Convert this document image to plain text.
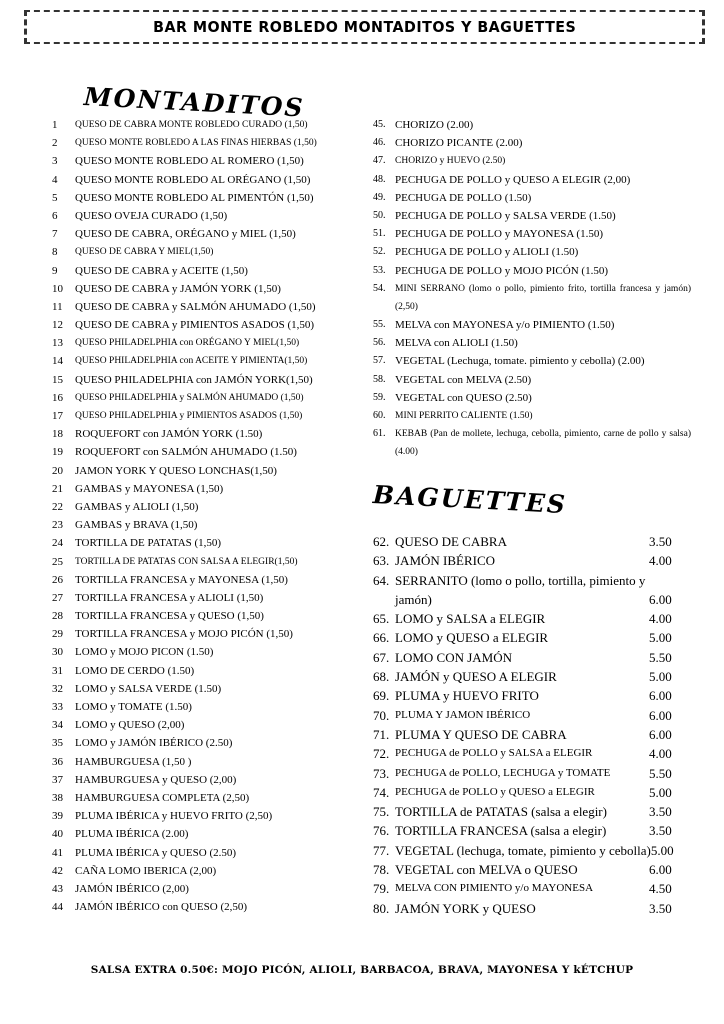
BAR MONTE ROBLEDO MONTADITOS Y BAGUETTES
MONTADITOS
1	QUESO DE CABRA MONTE ROBLEDO CURADO (1,50)
2	QUESO MONTE ROBLEDO A LAS FINAS HIERBAS (1,50)
3	QUESO MONTE ROBLEDO AL ROMERO (1,50)
4	QUESO MONTE ROBLEDO AL ORÉGANO (1,50)
5	QUESO MONTE ROBLEDO AL PIMENTÓN (1,50)
6	QUESO OVEJA CURADO (1,50)
7	QUESO DE CABRA, ORÉGANO y MIEL (1,50)
8	QUESO DE CABRA Y MIEL(1,50)
9	QUESO DE CABRA y ACEITE (1,50)
10	QUESO DE CABRA y JAMÓN YORK (1,50)
11	QUESO DE CABRA y SALMÓN AHUMADO (1,50)
12	QUESO DE CABRA y PIMIENTOS ASADOS (1,50)
13	QUESO PHILADELPHIA con ORÉGANO Y MIEL(1,50)
14	QUESO PHILADELPHIA con ACEITE Y PIMIENTA(1,50)
15	QUESO PHILADELPHIA con JAMÓN YORK(1,50)
16	QUESO PHILADELPHIA y SALMÓN AHUMADO (1,50)
17	QUESO PHILADELPHIA y PIMIENTOS ASADOS (1,50)
18	ROQUEFORT con JAMÓN YORK (1.50)
19	ROQUEFORT con SALMÓN AHUMADO (1.50)
20	JAMON YORK Y QUESO LONCHAS(1,50)
21	GAMBAS y MAYONESA (1,50)
22	GAMBAS y ALIOLI (1,50)
23	GAMBAS y BRAVA (1,50)
24	TORTILLA DE PATATAS (1,50)
25	TORTILLA DE PATATAS CON SALSA A ELEGIR(1,50)
26	TORTILLA FRANCESA y MAYONESA (1,50)
27	TORTILLA FRANCESA y ALIOLI (1,50)
28	TORTILLA FRANCESA y QUESO (1,50)
29	TORTILLA FRANCESA y MOJO PICÓN (1,50)
30	LOMO y MOJO PICON (1.50)
31	LOMO DE CERDO (1.50)
32	LOMO y SALSA VERDE (1.50)
33	LOMO y TOMATE (1.50)
34	LOMO y QUESO (2,00)
35	LOMO y JAMÓN IBÉRICO (2.50)
36	HAMBURGUESA (1,50 )
37	HAMBURGUESA y QUESO (2,00)
38	HAMBURGUESA COMPLETA (2,50)
39	PLUMA IBÉRICA y HUEVO FRITO (2,50)
40	PLUMA IBÉRICA (2.00)
41	PLUMA IBÉRICA y QUESO (2.50)
42	CAÑA LOMO IBERICA (2,00)
43	JAMÓN IBÉRICO (2,00)
44	JAMÓN IBÉRICO con QUESO (2,50)
45. CHORIZO (2.00)
46. CHORIZO PICANTE (2.00)
47.	CHORIZO y HUEVO (2.50)
48. PECHUGA DE POLLO y QUESO A ELEGIR (2,00)
49. PECHUGA DE POLLO (1.50)
50. PECHUGA DE POLLO y SALSA VERDE (1.50)
51. PECHUGA DE POLLO y MAYONESA (1.50)
52. PECHUGA DE POLLO y ALIOLI (1.50)
53. PECHUGA DE POLLO y MOJO PICÓN (1.50)
54.	MINI SERRANO (lomo o pollo, pimiento frito, tortilla francesa y jamón) (2,50)
55. MELVA con MAYONESA y/o PIMIENTO (1.50)
56. MELVA con ALIOLI (1.50)
57. VEGETAL (Lechuga, tomate. pimiento y cebolla) (2.00)
58. VEGETAL con MELVA (2.50)
59. VEGETAL con QUESO (2.50)
60.	MINI PERRITO CALIENTE (1.50)
61.	KEBAB (Pan de mollete, lechuga, cebolla, pimiento, carne de pollo y salsa) (4.00)
BAGUETTES
62. QUESO DE CABRA	3.50
63. JAMÓN IBÉRICO	4.00
64. SERRANITO (lomo o pollo, tortilla, pimiento y jamón)	6.00
65. LOMO y SALSA a ELEGIR	4.00
66. LOMO y QUESO a ELEGIR	5.00
67. LOMO CON JAMÓN	5.50
68. JAMÓN y QUESO A ELEGIR	5.00
69. PLUMA y HUEVO FRITO	6.00
70. PLUMA Y JAMON IBÉRICO	6.00
71. PLUMA Y QUESO DE CABRA	6.00
72. PECHUGA de POLLO y SALSA a ELEGIR	4.00
73. PECHUGA de POLLO, LECHUGA y TOMATE	5.50
74. PECHUGA de POLLO y QUESO a ELEGIR	5.00
75. TORTILLA de PATATAS (salsa a elegir)	3.50
76. TORTILLA FRANCESA (salsa a elegir)	3.50
77. VEGETAL (lechuga, tomate, pimiento y cebolla) 5.00
78. VEGETAL con MELVA o QUESO	6.00
79. MELVA CON PIMIENTO y/o MAYONESA	4.50
80. JAMÓN YORK y QUESO	3.50
SALSA EXTRA 0.50€: MOJO PICÓN, ALIOLI, BARBACOA, BRAVA, MAYONESA Y kÉTCHUP
